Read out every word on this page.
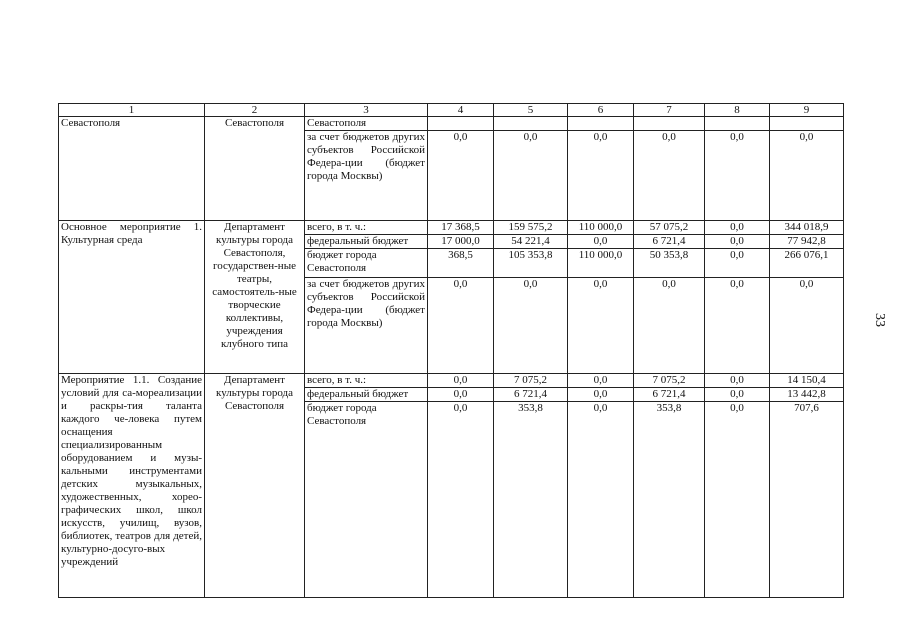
33
1	2	3	4	5	6	7	8	9
Севастополя	Севастополя	Севастополя						
		за счет бюджетов других субъектов Российской Федера-ции (бюджет города Москвы)	0,0	0,0	0,0	0,0	0,0	0,0
Основное мероприятие 1. Культурная среда	Департамент культуры города Севастополя, государствен-ные театры, самостоятель-ные творческие коллективы, учреждения клубного типа	всего, в т. ч.:	17 368,5	159 575,2	110 000,0	57 075,2	0,0	344 018,9
		федеральный бюджет	17 000,0	54 221,4	0,0	6 721,4	0,0	77 942,8
		бюджет города Севастополя	368,5	105 353,8	110 000,0	50 353,8	0,0	266 076,1
		за счет бюджетов других субъектов Российской Федера-ции (бюджет города Москвы)	0,0	0,0	0,0	0,0	0,0	0,0
Мероприятие 1.1. Создание условий для са-мореализации и раскры-тия таланта каждого че-ловека путем оснащения специализированным оборудованием и музы-кальными инструментами детских музыкальных, художественных, хорео-графических школ, школ искусств, училищ, вузов, библиотек, театров для детей, культурно-досуго-вых учреждений	Департамент культуры города Севастополя	всего, в т. ч.:	0,0	7 075,2	0,0	7 075,2	0,0	14 150,4
		федеральный бюджет	0,0	6 721,4	0,0	6 721,4	0,0	13 442,8
		бюджет города Севастополя	0,0	353,8	0,0	353,8	0,0	707,6
